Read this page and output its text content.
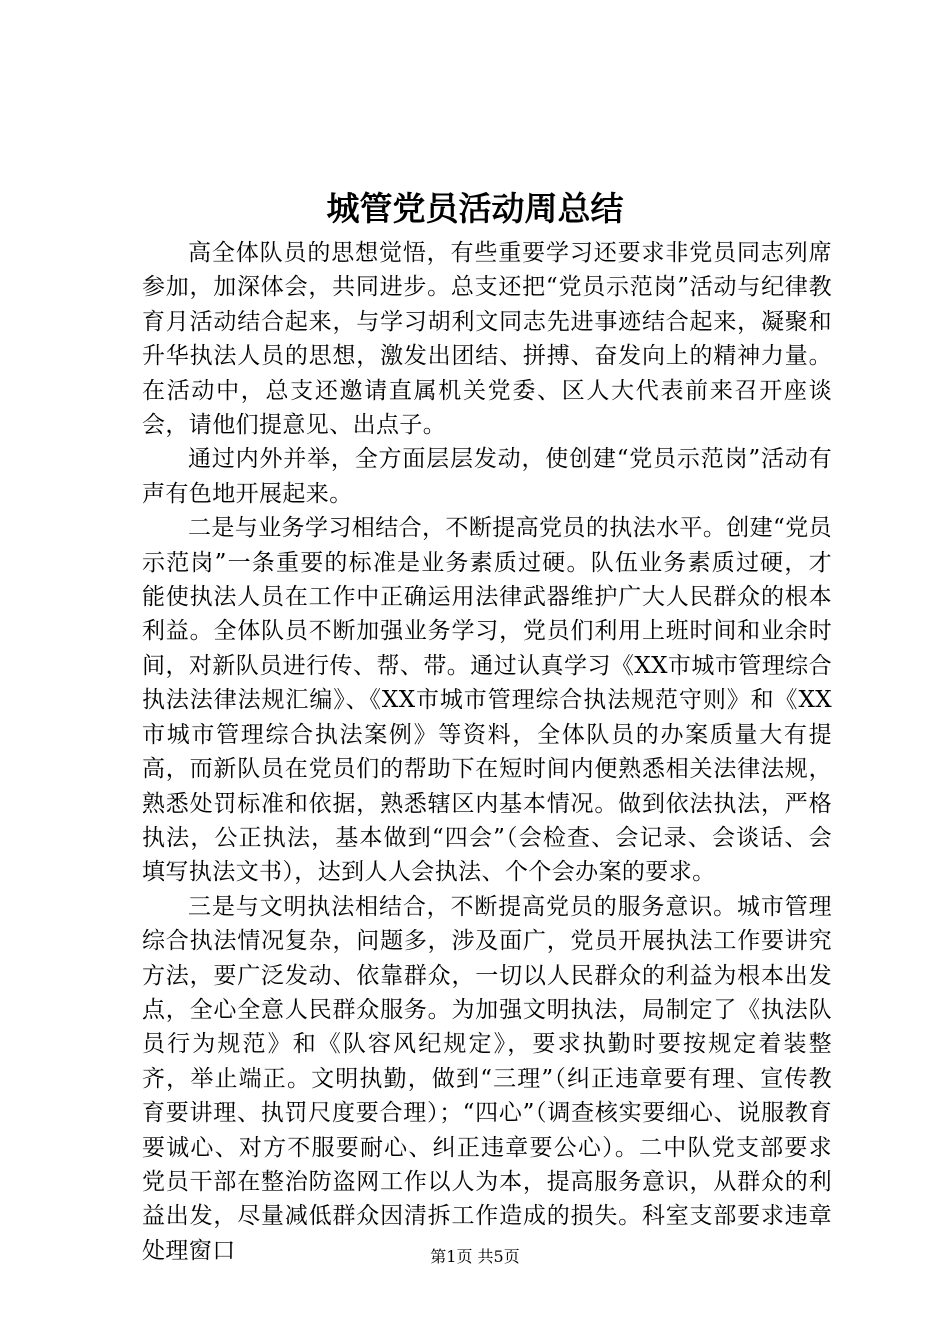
城管党员活动周总结

高全体队员的思想觉悟，有些重要学习还要求非党员同志列席参加，加深体会，共同进步。总支还把“党员示范岗”活动与纪律教育月活动结合起来，与学习胡利文同志先进事迹结合起来，凝聚和升华执法人员的思想，激发出团结、拼搏、奋发向上的精神力量。在活动中，总支还邀请直属机关党委、区人大代表前来召开座谈会，请他们提意见、出点子。

通过内外并举，全方面层层发动，使创建“党员示范岗”活动有声有色地开展起来。

二是与业务学习相结合，不断提高党员的执法水平。创建“党员示范岗”一条重要的标准是业务素质过硬。队伍业务素质过硬，才能使执法人员在工作中正确运用法律武器维护广大人民群众的根本利益。全体队员不断加强业务学习，党员们利用上班时间和业余时间，对新队员进行传、帮、带。通过认真学习《XX市城市管理综合执法法律法规汇编》、《XX市城市管理综合执法规范守则》和《XX市城市管理综合执法案例》等资料，全体队员的办案质量大有提高，而新队员在党员们的帮助下在短时间内便熟悉相关法律法规，熟悉处罚标准和依据，熟悉辖区内基本情况。做到依法执法，严格执法，公正执法，基本做到“四会”（会检查、会记录、会谈话、会填写执法文书），达到人人会执法、个个会办案的要求。

三是与文明执法相结合，不断提高党员的服务意识。城市管理综合执法情况复杂，问题多，涉及面广，党员开展执法工作要讲究方法，要广泛发动、依靠群众，一切以人民群众的利益为根本出发点，全心全意人民群众服务。为加强文明执法，局制定了《执法队员行为规范》和《队容风纪规定》，要求执勤时要按规定着装整齐，举止端正。文明执勤，做到“三理”（纠正违章要有理、宣传教育要讲理、执罚尺度要合理）；“四心”（调查核实要细心、说服教育要诚心、对方不服要耐心、纠正违章要公心）。二中队党支部要求党员干部在整治防盗网工作以人为本，提高服务意识，从群众的利益出发，尽量减低群众因清拆工作造成的损失。科室支部要求违章处理窗口	第1页 共5页
